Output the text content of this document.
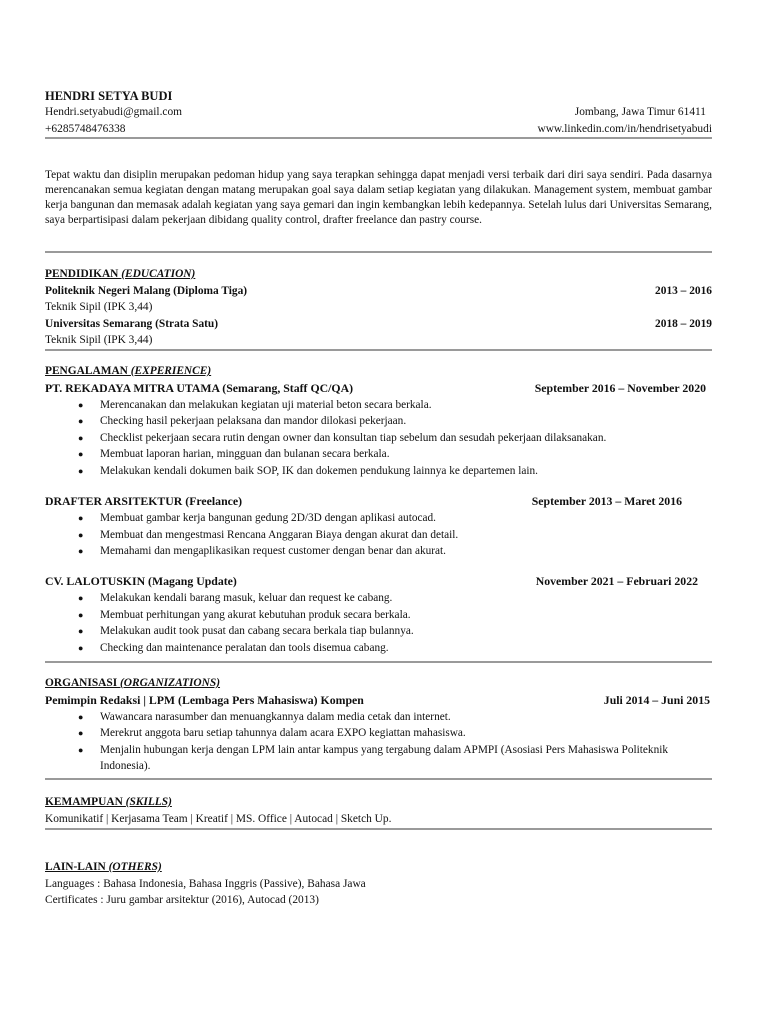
HENDRI SETYA BUDI
Hendri.setyabudi@gmail.com	Jombang, Jawa Timur 61411
+6285748476338	www.linkedin.com/in/hendrisetyabudi
Tepat waktu dan disiplin merupakan pedoman hidup yang saya terapkan sehingga dapat menjadi versi terbaik dari diri saya sendiri. Pada dasarnya merencanakan semua kegiatan dengan matang merupakan goal saya dalam setiap kegiatan yang dilakukan. Management system, membuat gambar kerja bangunan dan memasak adalah kegiatan yang saya gemari dan ingin kembangkan lebih kedepannya. Setelah lulus dari Universitas Semarang, saya berpartisipasi dalam pekerjaan dibidang quality control, drafter freelance dan pastry course.
PENDIDIKAN (EDUCATION)
Politeknik Negeri Malang (Diploma Tiga)	2013 – 2016
Teknik Sipil (IPK 3,44)
Universitas Semarang (Strata Satu)	2018 – 2019
Teknik Sipil (IPK 3,44)
PENGALAMAN (EXPERIENCE)
PT. REKADAYA MITRA UTAMA (Semarang, Staff QC/QA)	September 2016 – November 2020
● Merencanakan dan melakukan kegiatan uji material beton secara berkala.
● Checking hasil pekerjaan pelaksana dan mandor dilokasi pekerjaan.
● Checklist pekerjaan secara rutin dengan owner dan konsultan tiap sebelum dan sesudah pekerjaan dilaksanakan.
● Membuat laporan harian, mingguan dan bulanan secara berkala.
● Melakukan kendali dokumen baik SOP, IK dan dokemen pendukung lainnya ke departemen lain.
DRAFTER ARSITEKTUR (Freelance)	September 2013 – Maret 2016
● Membuat gambar kerja bangunan gedung 2D/3D dengan aplikasi autocad.
● Membuat dan mengestmasi Rencana Anggaran Biaya dengan akurat dan detail.
● Memahami dan mengaplikasikan request customer dengan benar dan akurat.
CV. LALOTUSKIN (Magang Update)	November 2021 – Februari 2022
● Melakukan kendali barang masuk, keluar dan request ke cabang.
● Membuat perhitungan yang akurat kebutuhan produk secara berkala.
● Melakukan audit took pusat dan cabang secara berkala tiap bulannya.
● Checking dan maintenance peralatan dan tools disemua cabang.
ORGANISASI (ORGANIZATIONS)
Pemimpin Redaksi | LPM (Lembaga Pers Mahasiswa) Kompen	Juli 2014 – Juni 2015
● Wawancara narasumber dan menuangkannya dalam media cetak dan internet.
● Merekrut anggota baru setiap tahunnya dalam acara EXPO kegiattan mahasiswa.
● Menjalin hubungan kerja dengan LPM lain antar kampus yang tergabung dalam APMPI (Asosiasi Pers Mahasiswa Politeknik Indonesia).
KEMAMPUAN (SKILLS)
Komunikatif | Kerjasama Team | Kreatif | MS. Office | Autocad | Sketch Up.
LAIN-LAIN (OTHERS)
Languages : Bahasa Indonesia, Bahasa Inggris (Passive), Bahasa Jawa
Certificates : Juru gambar arsitektur (2016), Autocad (2013)
